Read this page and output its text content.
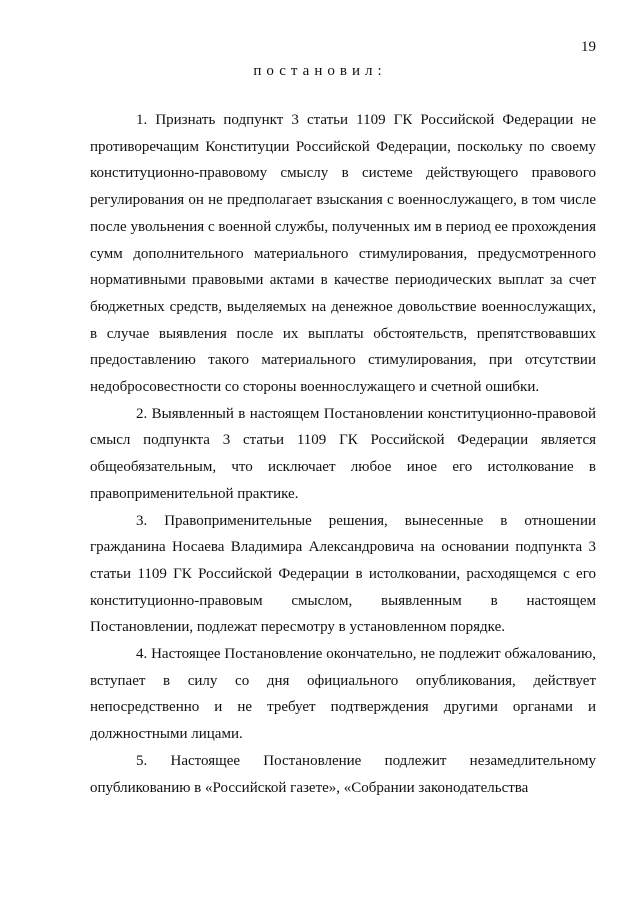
19
постановил:

1. Признать подпункт 3 статьи 1109 ГК Российской Федерации не противоречащим Конституции Российской Федерации, поскольку по своему конституционно-правовому смыслу в системе действующего правового регулирования он не предполагает взыскания с военнослужащего, в том числе после увольнения с военной службы, полученных им в период ее прохождения сумм дополнительного материального стимулирования, предусмотренного нормативными правовыми актами в качестве периодических выплат за счет бюджетных средств, выделяемых на денежное довольствие военнослужащих, в случае выявления после их выплаты обстоятельств, препятствовавших предоставлению такого материального стимулирования, при отсутствии недобросовестности со стороны военнослужащего и счетной ошибки.

2. Выявленный в настоящем Постановлении конституционно-правовой смысл подпункта 3 статьи 1109 ГК Российской Федерации является общеобязательным, что исключает любое иное его истолкование в правоприменительной практике.

3. Правоприменительные решения, вынесенные в отношении гражданина Носаева Владимира Александровича на основании подпункта 3 статьи 1109 ГК Российской Федерации в истолковании, расходящемся с его конституционно-правовым смыслом, выявленным в настоящем Постановлении, подлежат пересмотру в установленном порядке.

4. Настоящее Постановление окончательно, не подлежит обжалованию, вступает в силу со дня официального опубликования, действует непосредственно и не требует подтверждения другими органами и должностными лицами.

5. Настоящее Постановление подлежит незамедлительному опубликованию в «Российской газете», «Собрании законодательства
